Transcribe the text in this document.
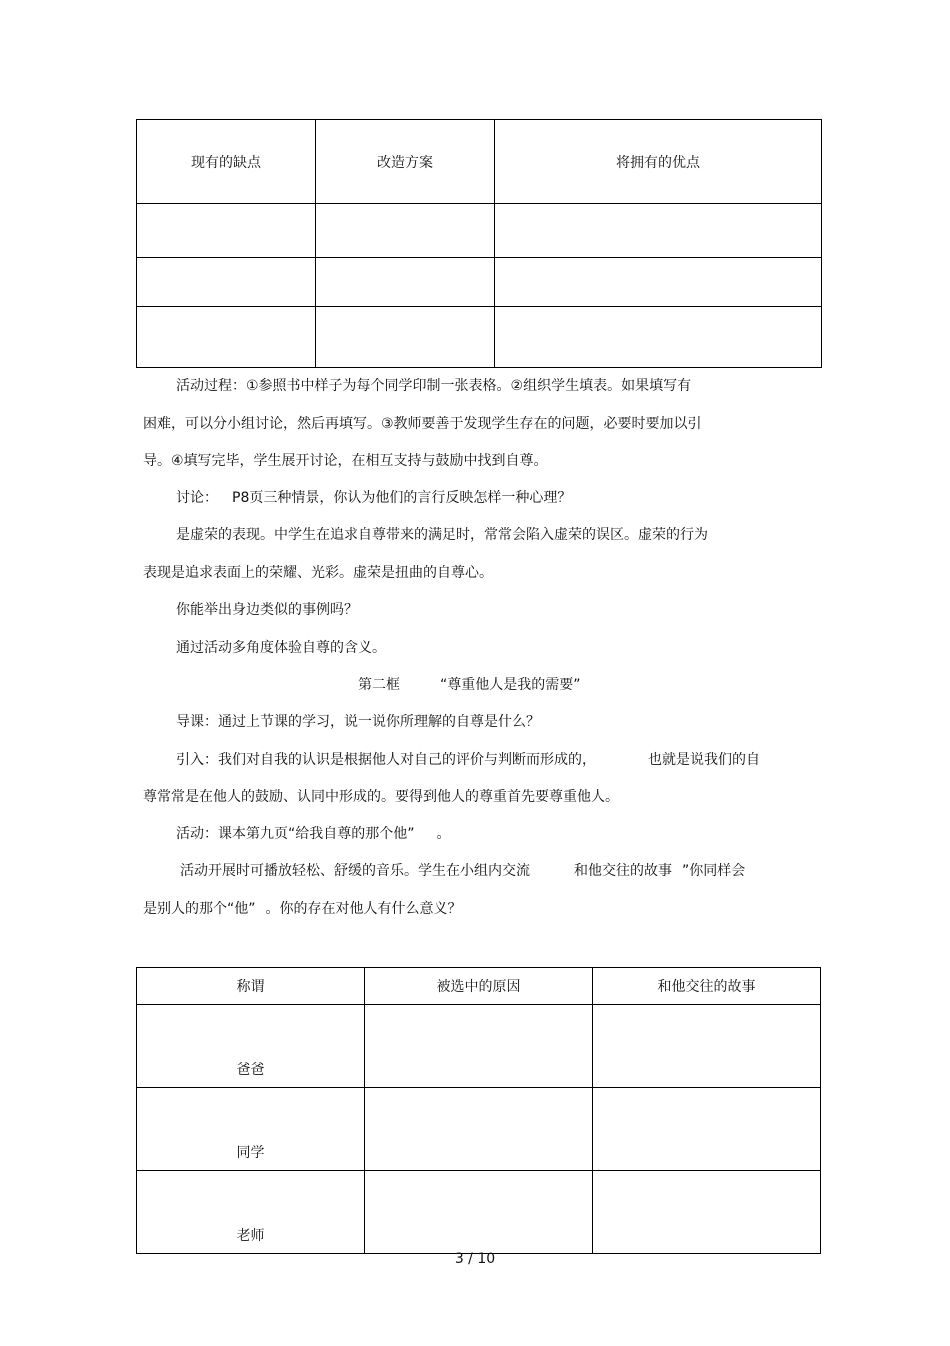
现有的缺点	改造方案	将拥有的优点

活动过程：①参照书中样子为每个同学印制一张表格。②组织学生填表。如果填写有
困难，可以分小组讨论，然后再填写。③教师要善于发现学生存在的问题，必要时要加以引
导。④填写完毕，学生展开讨论，在相互支持与鼓励中找到自尊。
讨论： P8页三种情景，你认为他们的言行反映怎样一种心理？
是虚荣的表现。中学生在追求自尊带来的满足时，常常会陷入虚荣的误区。虚荣的行为
表现是追求表面上的荣耀、光彩。虚荣是扭曲的自尊心。
你能举出身边类似的事例吗？
通过活动多角度体验自尊的含义。
第二框	“尊重他人是我的需要”
导课：通过上节课的学习，说一说你所理解的自尊是什么？
引入：我们对自我的认识是根据他人对自己的评价与判断而形成的，	也就是说我们的自
尊常常是在他人的鼓励、认同中形成的。要得到他人的尊重首先要尊重他人。
活动：课本第九页“给我自尊的那个他” 。
活动开展时可播放轻松、舒缓的音乐。学生在小组内交流	和他交往的故事 ”你同样会
是别人的那个“他” 。你的存在对他人有什么意义？
称谓	被选中的原因	和他交往的故事
爸爸		
同学		
老师		
3 / 10
